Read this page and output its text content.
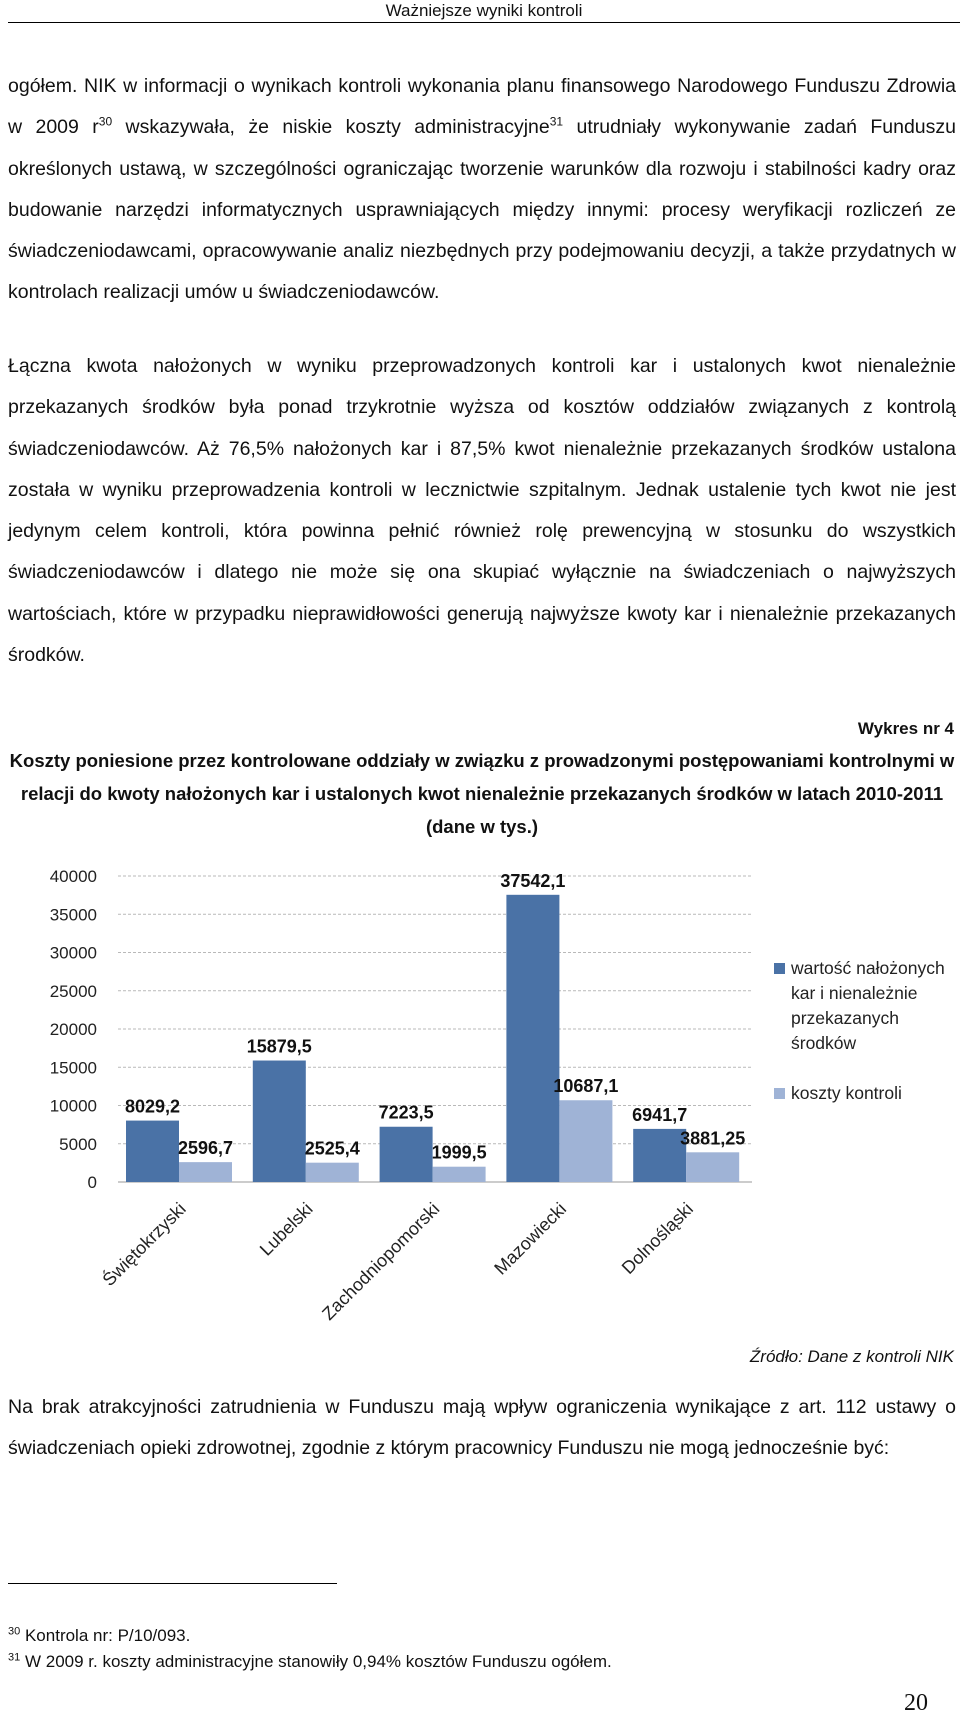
Ważniejsze wyniki kontroli

ogółem. NIK w informacji o wynikach kontroli wykonania planu finansowego Narodowego Funduszu Zdrowia w 2009 $r^{30}$ wskazywała, że niskie koszty administracyjne$^{31}$ utrudniały wykonywanie zadań Funduszu określonych ustawą, w szczególności ograniczając tworzenie warunków dla rozwoju i stabilności kadry oraz budowanie narzędzi informatycznych usprawniających między innymi: procesy weryfikacji rozliczeń ze świadczeniodawcami, opracowywanie analiz niezbędnych przy podejmowaniu decyzji, a także przydatnych w kontrolach realizacji umów u świadczeniodawców.

Łączna kwota nałożonych w wyniku przeprowadzonych kontroli kar i ustalonych kwot nienależnie przekazanych środków była ponad trzykrotnie wyższa od kosztów oddziałów związanych z kontrolą świadczeniodawców. Aż 76,5% nałożonych kar i 87,5% kwot nienależnie przekazanych środków ustalona została w wyniku przeprowadzenia kontroli w lecznictwie szpitalnym. Jednak ustalenie tych kwot nie jest jedynym celem kontroli, która powinna pełnić również rolę prewencyjną w stosunku do wszystkich świadczeniodawców i dlatego nie może się ona skupiać wyłącznie na świadczeniach o najwyższych wartościach, które w przypadku nieprawidłowości generują najwyższe kwoty kar i nienależnie przekazanych środków.

Wykres nr 4

Koszty poniesione przez kontrolowane oddziały w związku z prowadzonymi postępowaniami kontrolnymi w relacji do kwoty nałożonych kar i ustalonych kwot nienależnie przekazanych środków w latach 2010-2011 (dane w tys.)

0
5000
10000
15000
20000
25000
30000
35000
40000
8029,2
2596,7
Świętokrzyski
15879,5
2525,4
Lubelski
7223,5
1999,5
Zachodniopomorski
37542,1
10687,1
Mazowiecki
6941,7
3881,25
Dolnośląski
wartość nałożonych
kar i nienależnie
przekazanych
środków
koszty kontroli
Źródło: Dane z kontroli NIK

Na brak atrakcyjności zatrudnienia w Funduszu mają wpływ ograniczenia wynikające z art. 112 ustawy o świadczeniach opieki zdrowotnej, zgodnie z którym pracownicy Funduszu nie mogą jednocześnie być:

$^{30}$ Kontrola nr: P/10/093.
$^{31}$ W 2009 r. koszty administracyjne stanowiły 0,94% kosztów Funduszu ogółem.
20
